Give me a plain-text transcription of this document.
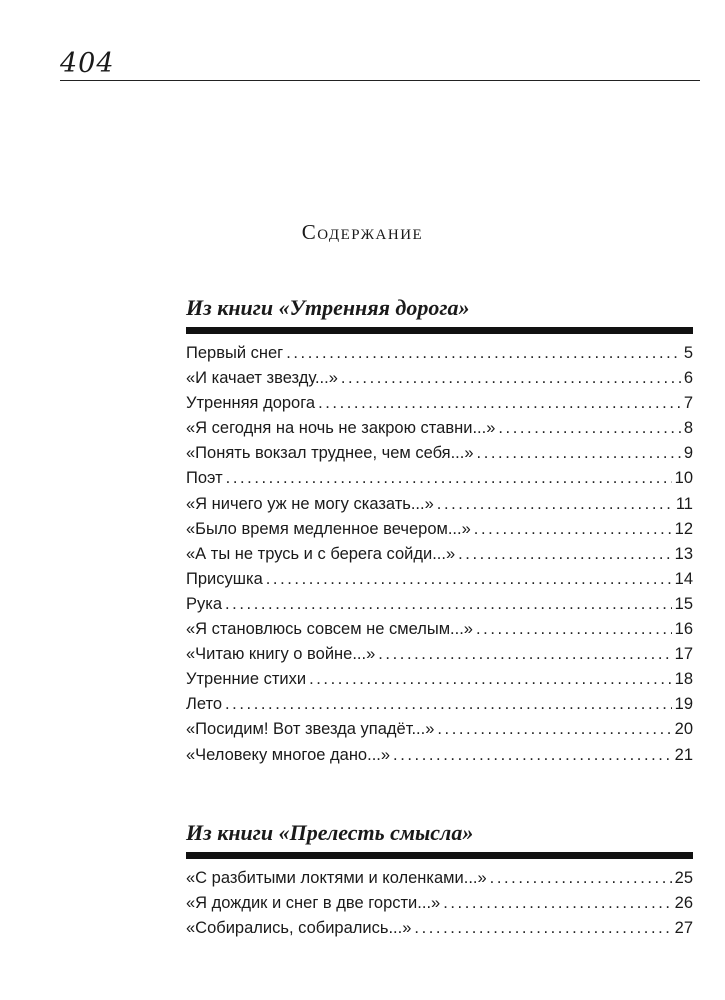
404
Содержание
Из книги «Утренняя дорога»
Первый снег . . .	5
«И качает звезду...» . . .	6
Утренняя дорога . . .	7
«Я сегодня на ночь не закрою ставни...» . . .	8
«Понять вокзал труднее, чем себя...» . . .	9
Поэт . . .	10
«Я ничего уж не могу сказать...» . . .	11
«Было время медленное вечером...» . . .	12
«А ты не трусь и с берега сойди...» . . .	13
Присушка . . .	14
Рука . . .	15
«Я становлюсь совсем не смелым...» . . .	16
«Читаю книгу о войне...» . . .	17
Утренние стихи . . .	18
Лето . . .	19
«Посидим! Вот звезда упадёт...» . . .	20
«Человеку многое дано...» . . .	21
Из книги «Прелесть смысла»
«С разбитыми локтями и коленками...» . . .	25
«Я дождик и снег в две горсти...» . . .	26
«Собирались, собирались...» . . .	27
